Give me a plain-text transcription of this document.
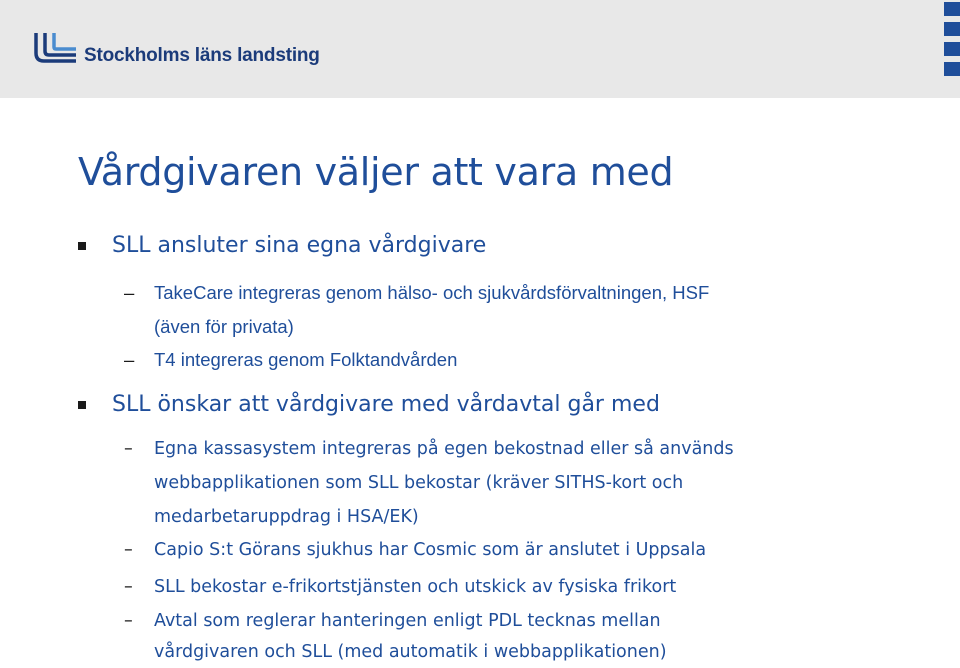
Stockholms läns landsting
Vårdgivaren väljer att vara med
SLL ansluter sina egna vårdgivare
–	TakeCare integreras genom hälso- och sjukvårdsförvaltningen, HSF
(även för privata)
–	T4 integreras genom Folktandvården
SLL önskar att vårdgivare med vårdavtal går med
–	Egna kassasystem integreras på egen bekostnad eller så används
webbapplikationen som SLL bekostar (kräver SITHS-kort och
medarbetaruppdrag i HSA/EK)
–	Capio S:t Görans sjukhus har Cosmic som är anslutet i Uppsala
–	SLL bekostar e-frikortstjänsten och utskick av fysiska frikort
–	Avtal som reglerar hanteringen enligt PDL tecknas mellan
vårdgivaren och SLL (med automatik i webbapplikationen)
